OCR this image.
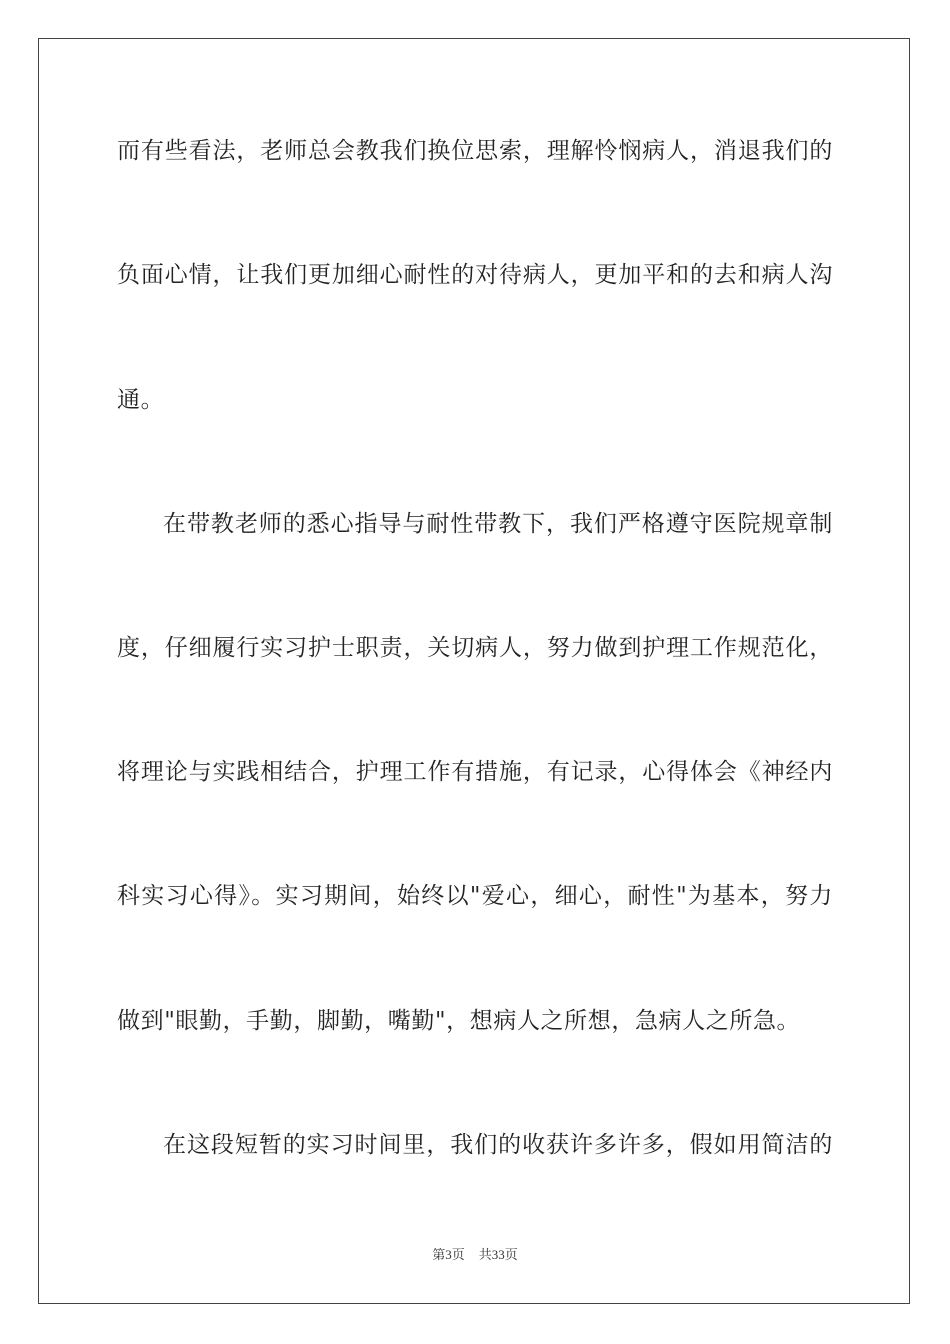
而有些看法，老师总会教我们换位思索，理解怜悯病人，消退我们的
负面心情，让我们更加细心耐性的对待病人，更加平和的去和病人沟
通。
在带教老师的悉心指导与耐性带教下，我们严格遵守医院规章制
度，仔细履行实习护士职责，关切病人，努力做到护理工作规范化，
将理论与实践相结合，护理工作有措施，有记录，心得体会《神经内
科实习心得》。实习期间，始终以"爱心，细心，耐性"为基本，努力
做到"眼勤，手勤，脚勤，嘴勤"，想病人之所想，急病人之所急。
在这段短暂的实习时间里，我们的收获许多许多，假如用简洁的
第3页 共33页
